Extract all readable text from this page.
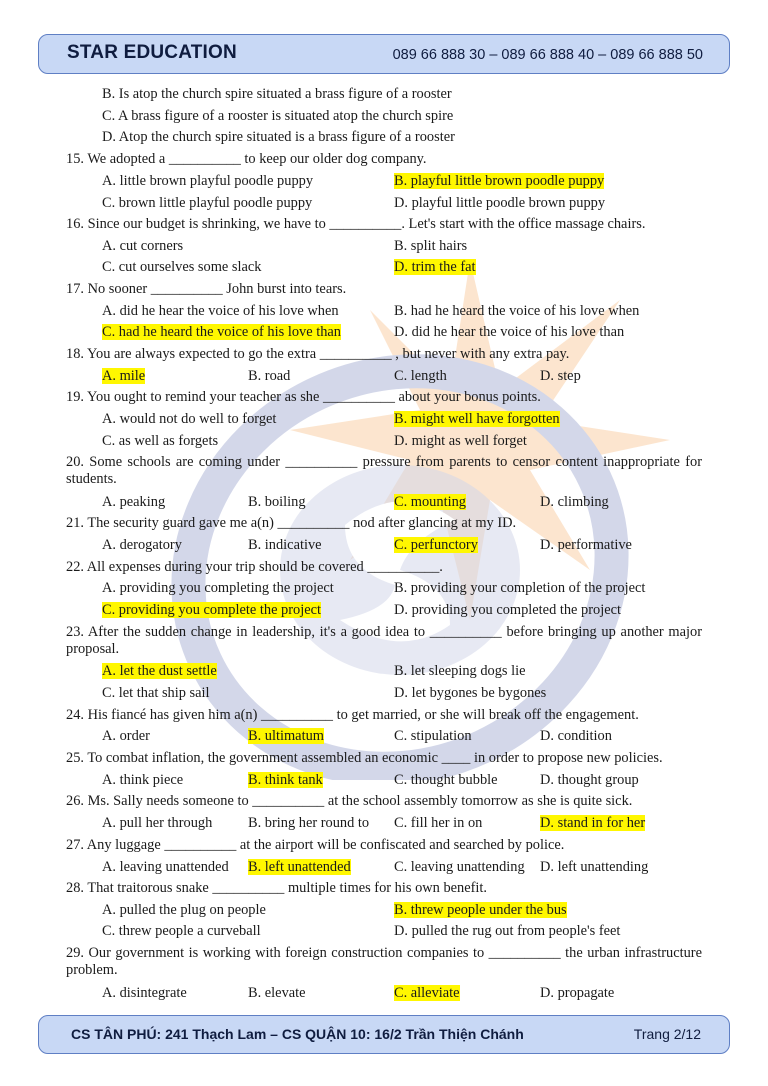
STAR EDUCATION	089 66 888 30 – 089 66 888 40 – 089 66 888 50
B. Is atop the church spire situated a brass figure of a rooster
C. A brass figure of a rooster is situated atop the church spire
D. Atop the church spire situated is a brass figure of a rooster
15. We adopted a __________ to keep our older dog company.
A. little brown playful poodle puppy	B. playful little brown poodle puppy
C. brown little playful poodle puppy	D. playful little poodle brown puppy
16. Since our budget is shrinking, we have to __________. Let's start with the office massage chairs.
A. cut corners	B. split hairs
C. cut ourselves some slack	D. trim the fat
17. No sooner __________ John burst into tears.
A. did he hear the voice of his love when	B. had he heard the voice of his love when
C. had he heard the voice of his love than	D. did he hear the voice of his love than
18. You are always expected to go the extra __________ , but never with any extra pay.
A. mile	B. road	C. length	D. step
19. You ought to remind your teacher as she __________ about your bonus points.
A. would not do well to forget	B. might well have forgotten
C. as well as forgets	D. might as well forget
20. Some schools are coming under __________ pressure from parents to censor content inappropriate for students.
A. peaking	B. boiling	C. mounting	D. climbing
21. The security guard gave me a(n) __________ nod after glancing at my ID.
A. derogatory	B. indicative	C. perfunctory	D. performative
22. All expenses during your trip should be covered __________.
A. providing you completing the project	B. providing your completion of the project
C. providing you complete the project	D. providing you completed the project
23. After the sudden change in leadership, it's a good idea to __________ before bringing up another major proposal.
A. let the dust settle	B. let sleeping dogs lie
C. let that ship sail	D. let bygones be bygones
24. His fiancé has given him a(n) __________ to get married, or she will break off the engagement.
A. order	B. ultimatum	C. stipulation	D. condition
25. To combat inflation, the government assembled an economic ____ in order to propose new policies.
A. think piece	B. think tank	C. thought bubble	D. thought group
26. Ms. Sally needs someone to __________ at the school assembly tomorrow as she is quite sick.
A. pull her through B. bring her round to C. fill her in on	D. stand in for her
27. Any luggage __________ at the airport will be confiscated and searched by police.
A. leaving unattended B. left unattended	C. leaving unattending D. left unattending
28. That traitorous snake __________ multiple times for his own benefit.
A. pulled the plug on people	B. threw people under the bus
C. threw people a curveball	D. pulled the rug out from people's feet
29. Our government is working with foreign construction companies to __________ the urban infrastructure problem.
A. disintegrate	B. elevate	C. alleviate	D. propagate
CS TÂN PHÚ: 241 Thạch Lam – CS QUẬN 10: 16/2 Trần Thiện Chánh	Trang 2/12
